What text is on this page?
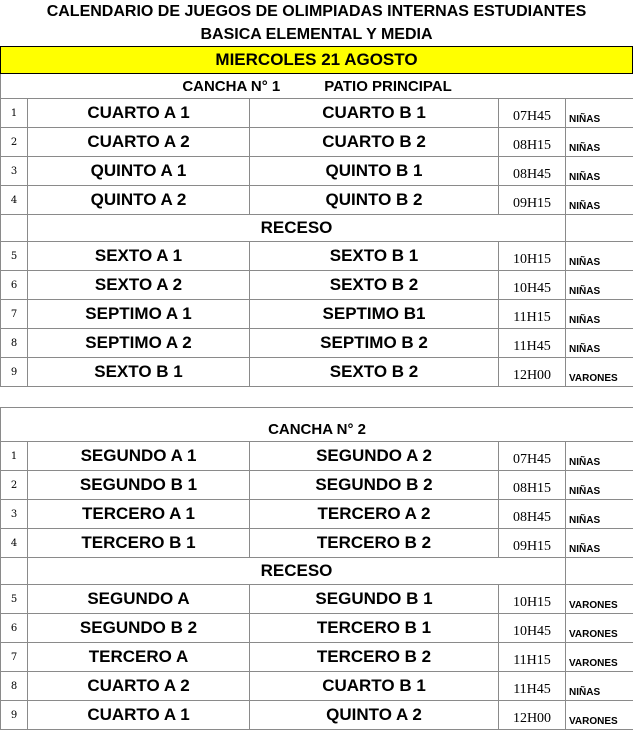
CALENDARIO DE JUEGOS DE OLIMPIADAS INTERNAS ESTUDIANTES
BASICA ELEMENTAL Y MEDIA
MIERCOLES 21 AGOSTO
CANCHA N° 1 PATIO PRINCIPAL				
1	CUARTO A 1	CUARTO B 1	07H45	NIÑAS
2	CUARTO A 2	CUARTO B 2	08H15	NIÑAS
3	QUINTO A 1	QUINTO B 1	08H45	NIÑAS
4	QUINTO A 2	QUINTO B 2	09H15	NIÑAS
	RECESO			
5	SEXTO A 1	SEXTO B 1	10H15	NIÑAS
6	SEXTO A 2	SEXTO B 2	10H45	NIÑAS
7	SEPTIMO A 1	SEPTIMO B1	11H15	NIÑAS
8	SEPTIMO A 2	SEPTIMO B 2	11H45	NIÑAS
9	SEXTO B 1	SEXTO B 2	12H00	VARONES

CANCHA N° 2				
1	SEGUNDO A 1	SEGUNDO A 2	07H45	NIÑAS
2	SEGUNDO B 1	SEGUNDO B 2	08H15	NIÑAS
3	TERCERO A 1	TERCERO A 2	08H45	NIÑAS
4	TERCERO B 1	TERCERO B 2	09H15	NIÑAS
	RECESO			
5	SEGUNDO A	SEGUNDO B 1	10H15	VARONES
6	SEGUNDO B 2	TERCERO B 1	10H45	VARONES
7	TERCERO A	TERCERO B 2	11H15	VARONES
8	CUARTO A 2	CUARTO B 1	11H45	NIÑAS
9	CUARTO A 1	QUINTO A 2	12H00	VARONES
